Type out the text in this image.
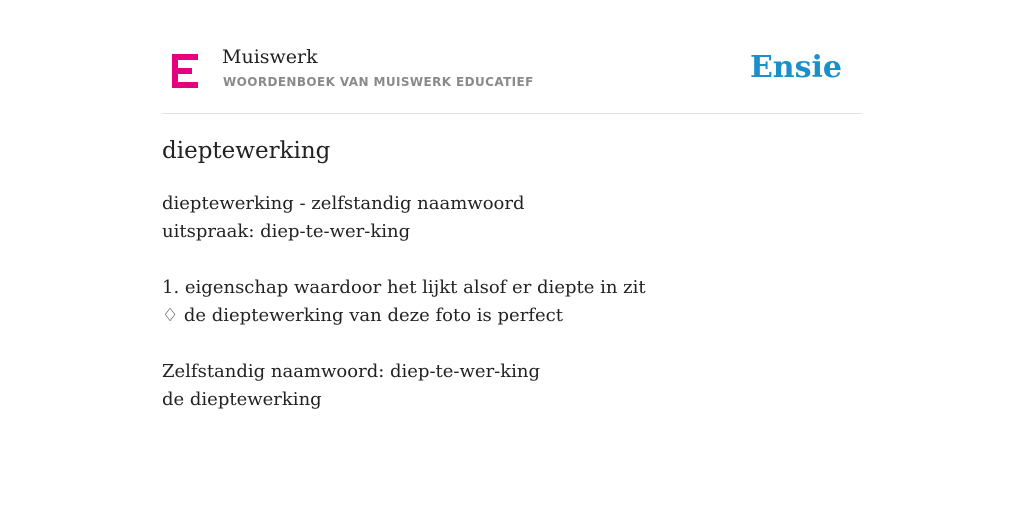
Muiswerk
WOORDENBOEK VAN MUISWERK EDUCATIEF	Ensie
dieptewerking
dieptewerking - zelfstandig naamwoord
uitspraak: diep-te-wer-king
1. eigenschap waardoor het lijkt alsof er diepte in zit
♢ de dieptewerking van deze foto is perfect
Zelfstandig naamwoord: diep-te-wer-king
de dieptewerking
